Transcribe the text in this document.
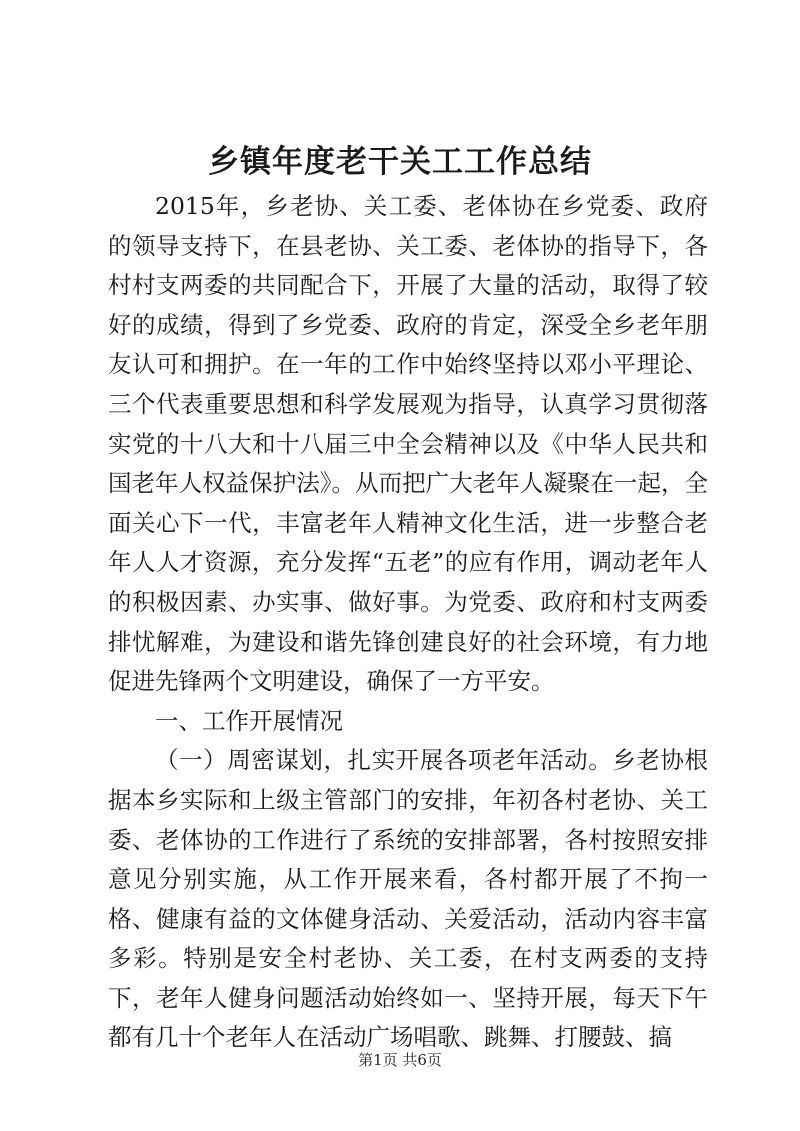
乡镇年度老干关工工作总结

2015年，乡老协、关工委、老体协在乡党委、政府的领导支持下，在县老协、关工委、老体协的指导下，各村村支两委的共同配合下，开展了大量的活动，取得了较好的成绩，得到了乡党委、政府的肯定，深受全乡老年朋友认可和拥护。在一年的工作中始终坚持以邓小平理论、三个代表重要思想和科学发展观为指导，认真学习贯彻落实党的十八大和十八届三中全会精神以及《中华人民共和国老年人权益保护法》。从而把广大老年人凝聚在一起，全面关心下一代，丰富老年人精神文化生活，进一步整合老年人人才资源，充分发挥“五老”的应有作用，调动老年人的积极因素、办实事、做好事。为党委、政府和村支两委排忧解难，为建设和谐先锋创建良好的社会环境，有力地促进先锋两个文明建设，确保了一方平安。

一、工作开展情况

（一）周密谋划，扎实开展各项老年活动。乡老协根据本乡实际和上级主管部门的安排，年初各村老协、关工委、老体协的工作进行了系统的安排部署，各村按照安排意见分别实施，从工作开展来看，各村都开展了不拘一格、健康有益的文体健身活动、关爱活动，活动内容丰富多彩。特别是安全村老协、关工委，在村支两委的支持下，老年人健身问题活动始终如一、坚持开展，每天下午都有几十个老年人在活动广场唱歌、跳舞、打腰鼓、搞

第1页 共6页
